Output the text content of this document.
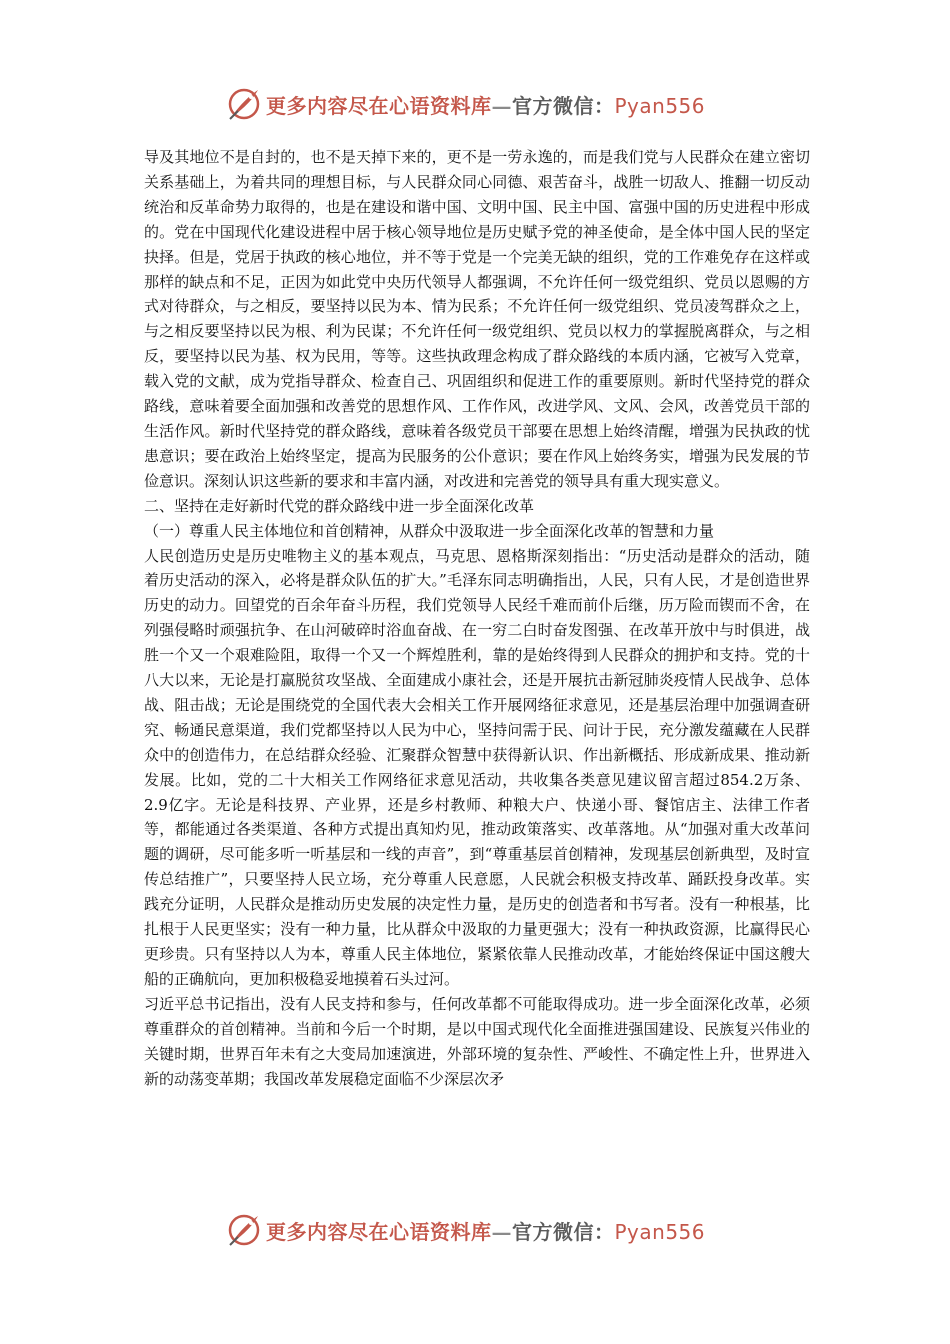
更多内容尽在心语资料库—官方微信：Pyan556

导及其地位不是自封的，也不是天掉下来的，更不是一劳永逸的，而是我们党与人民群众在建立密切关系基础上，为着共同的理想目标，与人民群众同心同德、艰苦奋斗，战胜一切敌人、推翻一切反动统治和反革命势力取得的，也是在建设和谐中国、文明中国、民主中国、富强中国的历史进程中形成的。党在中国现代化建设进程中居于核心领导地位是历史赋予党的神圣使命，是全体中国人民的坚定抉择。但是，党居于执政的核心地位，并不等于党是一个完美无缺的组织，党的工作难免存在这样或那样的缺点和不足，正因为如此党中央历代领导人都强调，不允许任何一级党组织、党员以恩赐的方式对待群众，与之相反，要坚持以民为本、情为民系；不允许任何一级党组织、党员凌驾群众之上，与之相反要坚持以民为根、利为民谋；不允许任何一级党组织、党员以权力的掌握脱离群众，与之相反，要坚持以民为基、权为民用，等等。这些执政理念构成了群众路线的本质内涵，它被写入党章，载入党的文献，成为党指导群众、检查自己、巩固组织和促进工作的重要原则。新时代坚持党的群众路线，意味着要全面加强和改善党的思想作风、工作作风，改进学风、文风、会风，改善党员干部的生活作风。新时代坚持党的群众路线，意味着各级党员干部要在思想上始终清醒，增强为民执政的忧患意识；要在政治上始终坚定，提高为民服务的公仆意识；要在作风上始终务实，增强为民发展的节俭意识。深刻认识这些新的要求和丰富内涵，对改进和完善党的领导具有重大现实意义。

二、坚持在走好新时代党的群众路线中进一步全面深化改革

（一）尊重人民主体地位和首创精神，从群众中汲取进一步全面深化改革的智慧和力量

人民创造历史是历史唯物主义的基本观点，马克思、恩格斯深刻指出：“历史活动是群众的活动，随着历史活动的深入，必将是群众队伍的扩大。”毛泽东同志明确指出，人民，只有人民，才是创造世界历史的动力。回望党的百余年奋斗历程，我们党领导人民经千难而前仆后继，历万险而锲而不舍，在列强侵略时顽强抗争、在山河破碎时浴血奋战、在一穷二白时奋发图强、在改革开放中与时俱进，战胜一个又一个艰难险阻，取得一个又一个辉煌胜利，靠的是始终得到人民群众的拥护和支持。党的十八大以来，无论是打赢脱贫攻坚战、全面建成小康社会，还是开展抗击新冠肺炎疫情人民战争、总体战、阻击战；无论是围绕党的全国代表大会相关工作开展网络征求意见，还是基层治理中加强调查研究、畅通民意渠道，我们党都坚持以人民为中心，坚持问需于民、问计于民，充分激发蕴藏在人民群众中的创造伟力，在总结群众经验、汇聚群众智慧中获得新认识、作出新概括、形成新成果、推动新发展。比如，党的二十大相关工作网络征求意见活动，共收集各类意见建议留言超过854.2万条、2.9亿字。无论是科技界、产业界，还是乡村教师、种粮大户、快递小哥、餐馆店主、法律工作者等，都能通过各类渠道、各种方式提出真知灼见，推动政策落实、改革落地。从“加强对重大改革问题的调研，尽可能多听一听基层和一线的声音”，到“尊重基层首创精神，发现基层创新典型，及时宣传总结推广”，只要坚持人民立场，充分尊重人民意愿，人民就会积极支持改革、踊跃投身改革。实践充分证明，人民群众是推动历史发展的决定性力量，是历史的创造者和书写者。没有一种根基，比扎根于人民更坚实；没有一种力量，比从群众中汲取的力量更强大；没有一种执政资源，比赢得民心更珍贵。只有坚持以人为本，尊重人民主体地位，紧紧依靠人民推动改革，才能始终保证中国这艘大船的正确航向，更加积极稳妥地摸着石头过河。

习近平总书记指出，没有人民支持和参与，任何改革都不可能取得成功。进一步全面深化改革，必须尊重群众的首创精神。当前和今后一个时期，是以中国式现代化全面推进强国建设、民族复兴伟业的关键时期，世界百年未有之大变局加速演进，外部环境的复杂性、严峻性、不确定性上升，世界进入新的动荡变革期；我国改革发展稳定面临不少深层次矛

更多内容尽在心语资料库—官方微信：Pyan556
